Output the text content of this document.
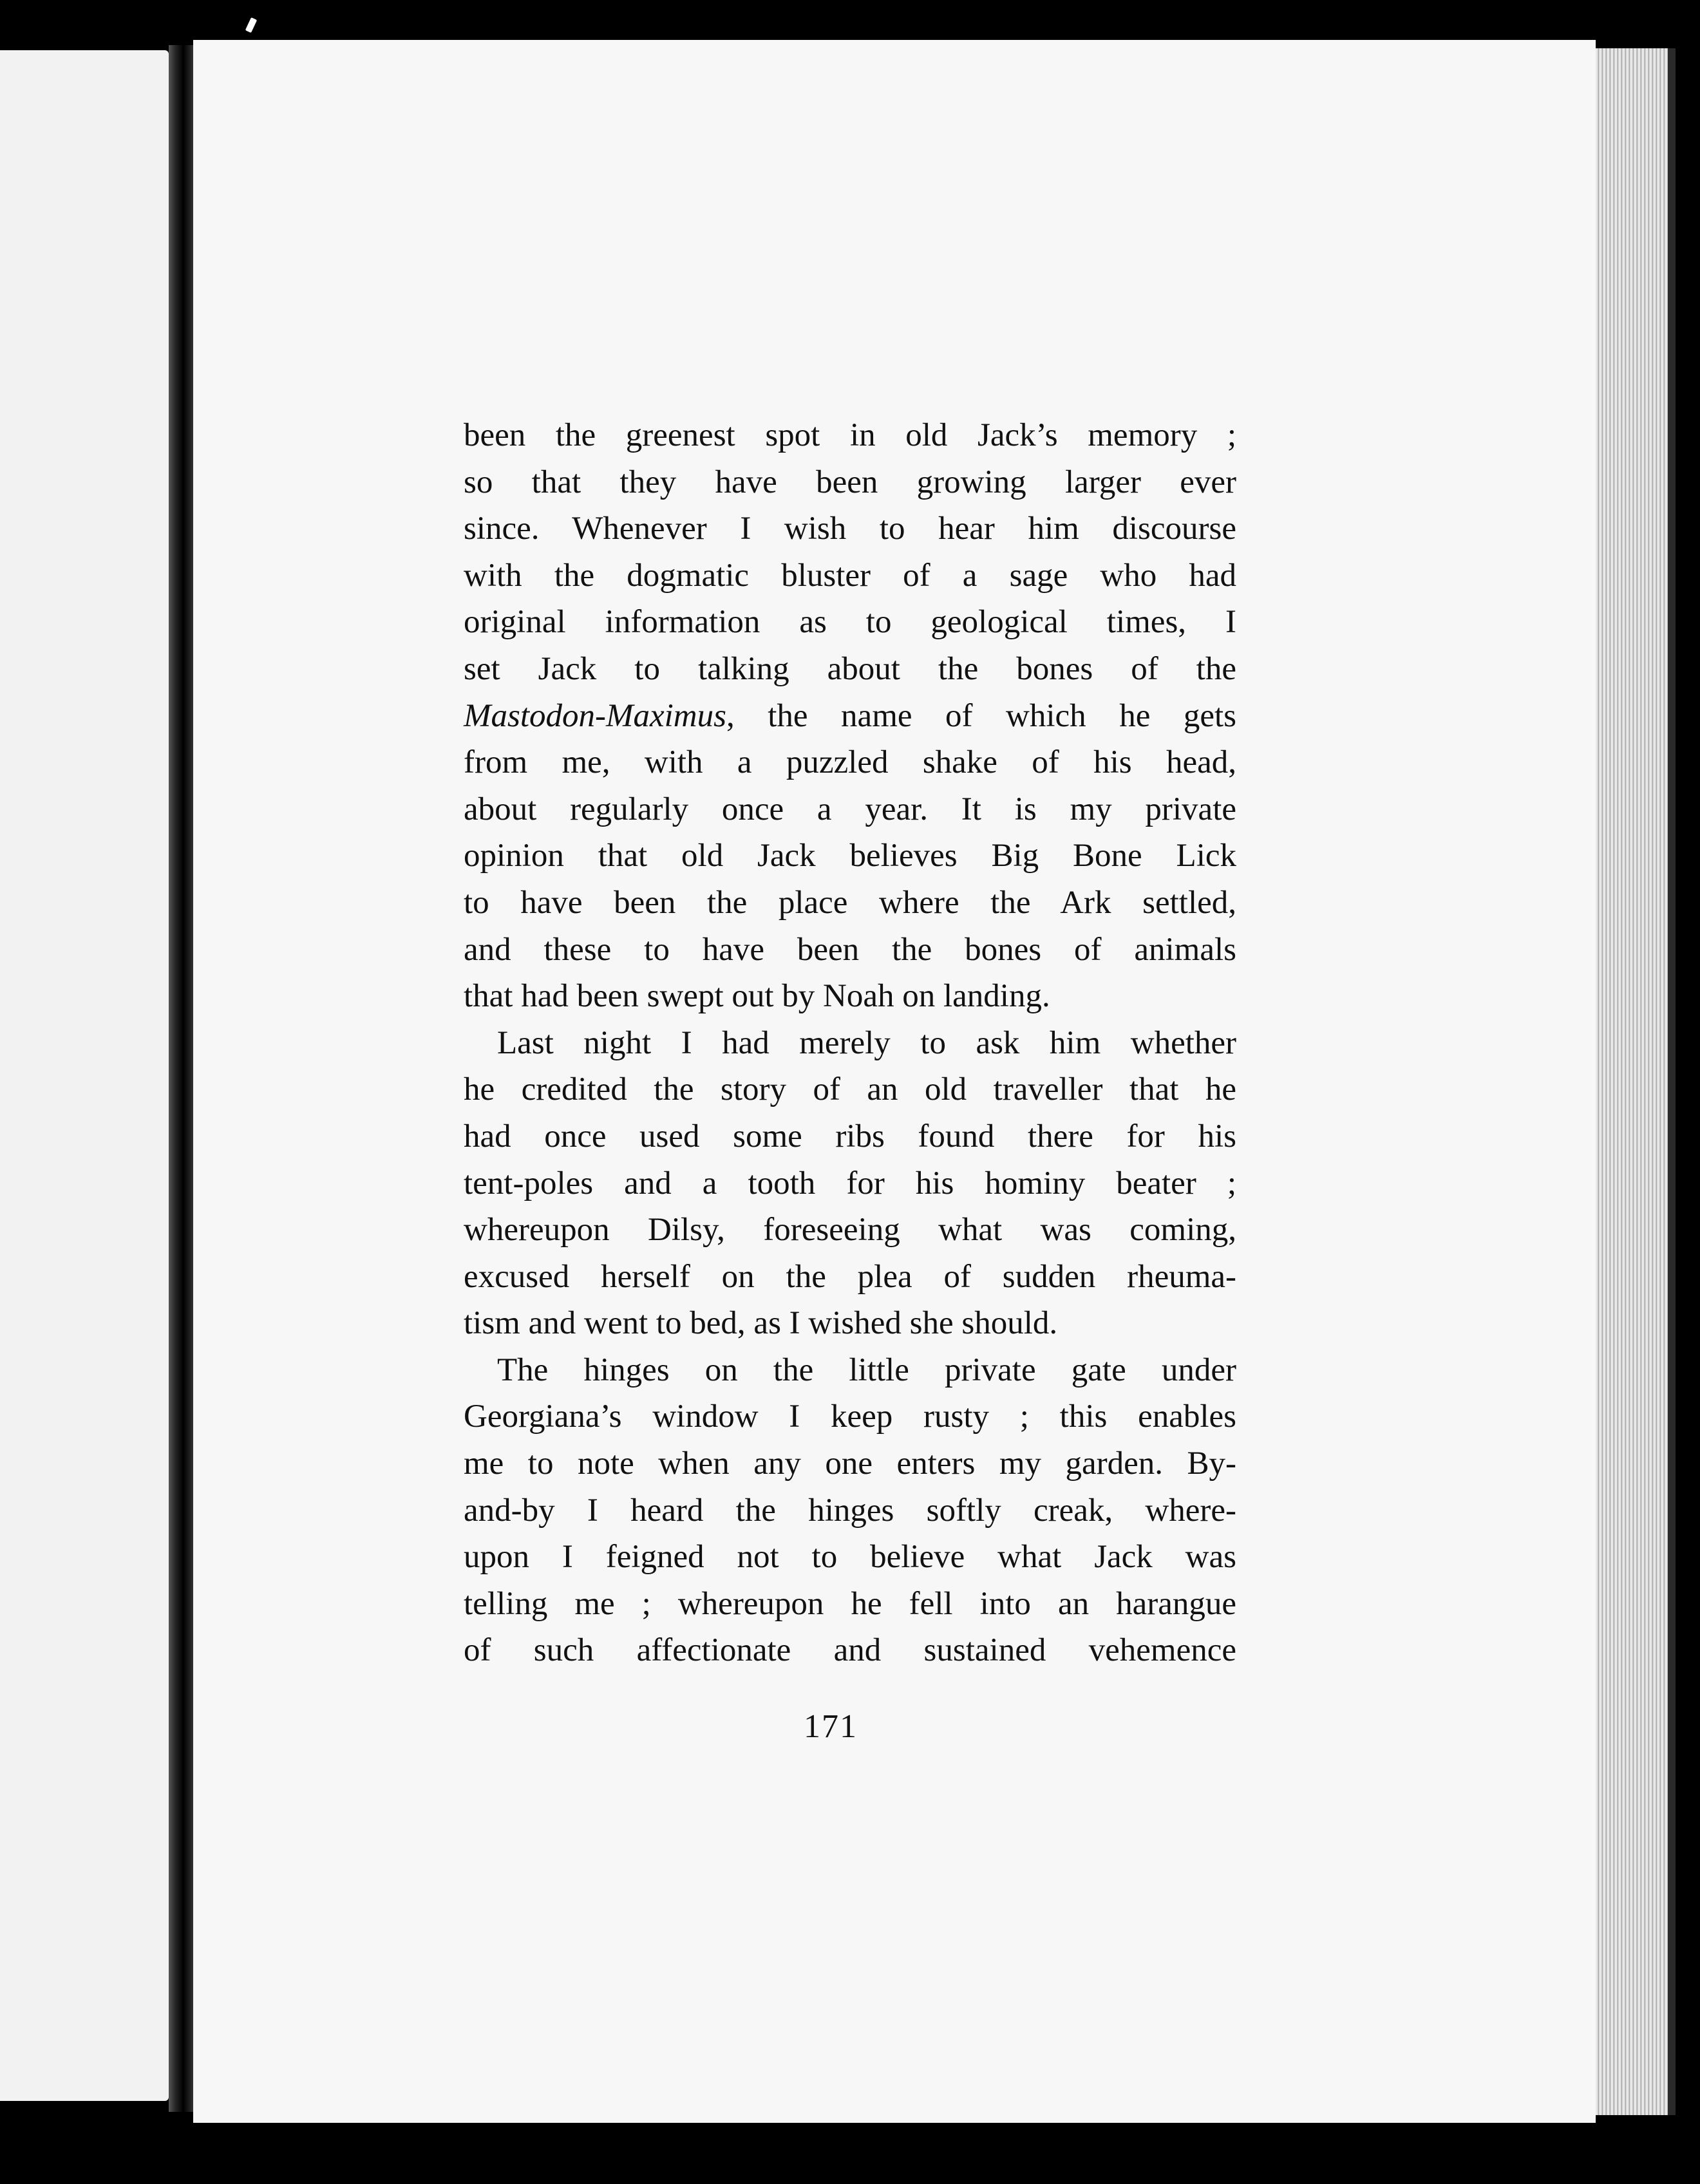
been the greenest spot in old Jack’s memory ;
so that they have been growing larger ever
since. Whenever I wish to hear him discourse
with the dogmatic bluster of a sage who had
original information as to geological times, I
set Jack to talking about the bones of the
Mastodon-Maximus, the name of which he gets
from me, with a puzzled shake of his head,
about regularly once a year. It is my private
opinion that old Jack believes Big Bone Lick
to have been the place where the Ark settled,
and these to have been the bones of animals
that had been swept out by Noah on landing.
Last night I had merely to ask him whether
he credited the story of an old traveller that he
had once used some ribs found there for his
tent-poles and a tooth for his hominy beater ;
whereupon Dilsy, foreseeing what was coming,
excused herself on the plea of sudden rheuma-
tism and went to bed, as I wished she should.
The hinges on the little private gate under
Georgiana’s window I keep rusty ; this enables
me to note when any one enters my garden. By-
and-by I heard the hinges softly creak, where-
upon I feigned not to believe what Jack was
telling me ; whereupon he fell into an harangue
of such affectionate and sustained vehemence
171
